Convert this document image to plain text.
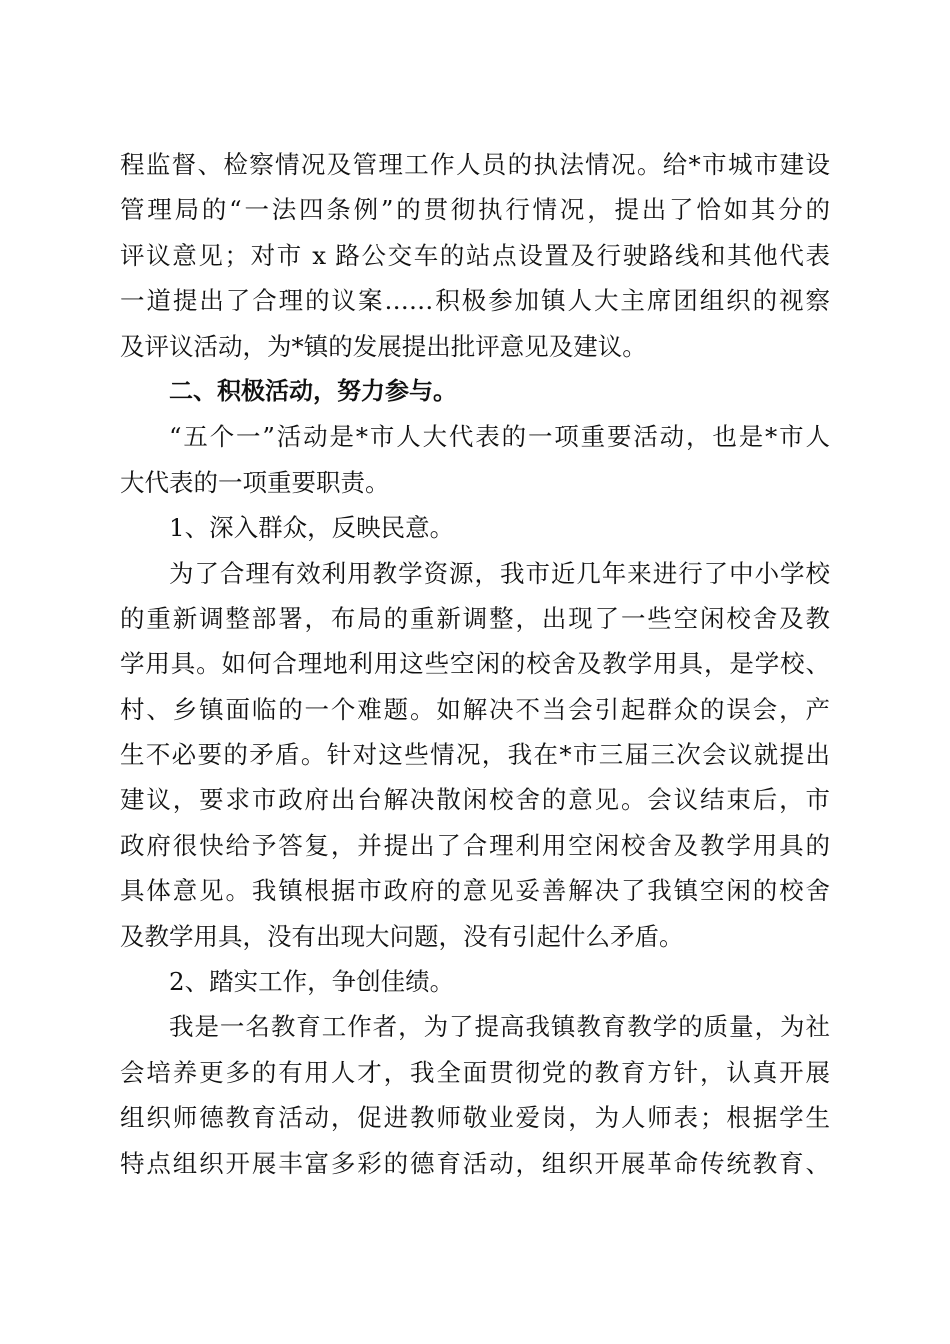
程监督、检察情况及管理工作人员的执法情况。给*市城市建设
管理局的“一法四条例”的贯彻执行情况，提出了恰如其分的
评议意见；对市 x 路公交车的站点设置及行驶路线和其他代表
一道提出了合理的议案……积极参加镇人大主席团组织的视察
及评议活动，为*镇的发展提出批评意见及建议。
二、积极活动，努力参与。
“五个一”活动是*市人大代表的一项重要活动，也是*市人
大代表的一项重要职责。
1、深入群众，反映民意。
为了合理有效利用教学资源，我市近几年来进行了中小学校
的重新调整部署，布局的重新调整，出现了一些空闲校舍及教
学用具。如何合理地利用这些空闲的校舍及教学用具，是学校、
村、乡镇面临的一个难题。如解决不当会引起群众的误会，产
生不必要的矛盾。针对这些情况，我在*市三届三次会议就提出
建议，要求市政府出台解决散闲校舍的意见。会议结束后，市
政府很快给予答复，并提出了合理利用空闲校舍及教学用具的
具体意见。我镇根据市政府的意见妥善解决了我镇空闲的校舍
及教学用具，没有出现大问题，没有引起什么矛盾。
2、踏实工作，争创佳绩。
我是一名教育工作者，为了提高我镇教育教学的质量，为社
会培养更多的有用人才，我全面贯彻党的教育方针，认真开展
组织师德教育活动，促进教师敬业爱岗，为人师表；根据学生
特点组织开展丰富多彩的德育活动，组织开展革命传统教育、
